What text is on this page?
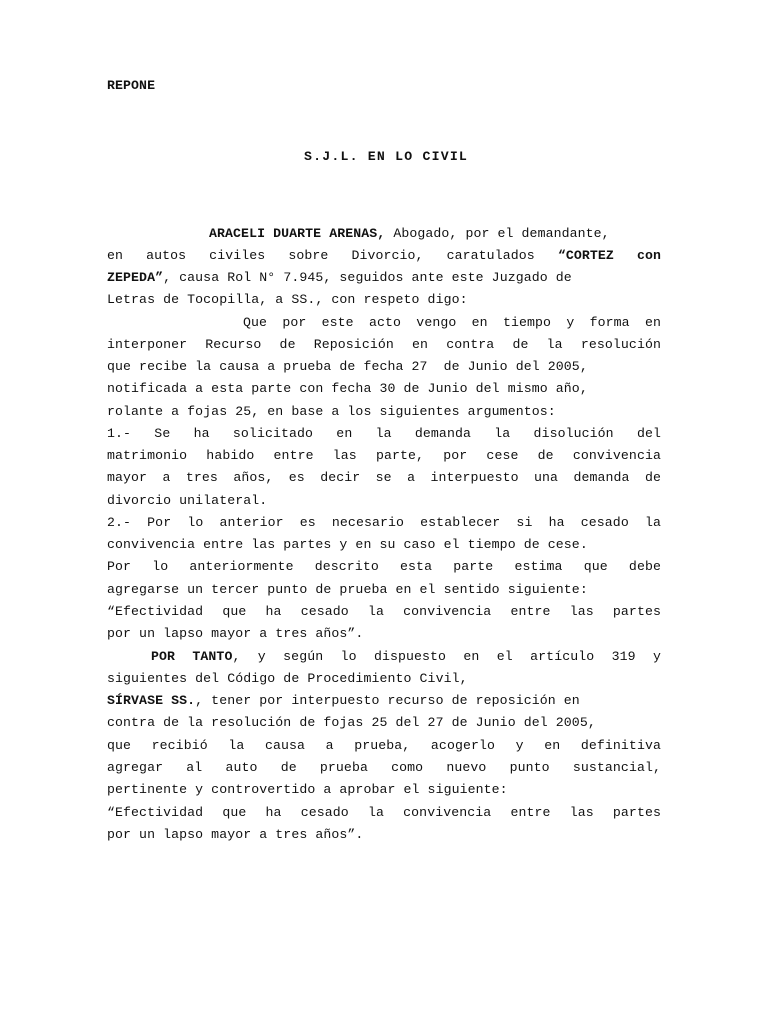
REPONE
S.J.L. EN LO CIVIL
ARACELI DUARTE ARENAS, Abogado, por el demandante,
en autos civiles sobre Divorcio, caratulados “CORTEZ con
ZEPEDA”, causa Rol N° 7.945, seguidos ante este Juzgado de
Letras de Tocopilla, a SS., con respeto digo:
Que por este acto vengo en tiempo y forma en
interponer Recurso de Reposición en contra de la resolución
que recibe la causa a prueba de fecha 27  de Junio del 2005,
notificada a esta parte con fecha 30 de Junio del mismo año,
rolante a fojas 25, en base a los siguientes argumentos:
1.- Se ha solicitado en la demanda la disolución del
matrimonio habido entre las parte, por cese de convivencia
mayor a tres años, es decir se a interpuesto una demanda de
divorcio unilateral.
2.- Por lo anterior es necesario establecer si ha cesado la
convivencia entre las partes y en su caso el tiempo de cese.
Por lo anteriormente descrito esta parte estima que debe
agregarse un tercer punto de prueba en el sentido siguiente:
“Efectividad que ha cesado la convivencia entre las partes
por un lapso mayor a tres años”.
POR TANTO, y según lo dispuesto en el artículo 319 y
siguientes del Código de Procedimiento Civil,
SÍRVASE SS., tener por interpuesto recurso de reposición en
contra de la resolución de fojas 25 del 27 de Junio del 2005,
que recibió la causa a prueba, acogerlo y en definitiva
agregar al auto de prueba como nuevo punto sustancial,
pertinente y controvertido a aprobar el siguiente:
“Efectividad que ha cesado la convivencia entre las partes
por un lapso mayor a tres años”.
